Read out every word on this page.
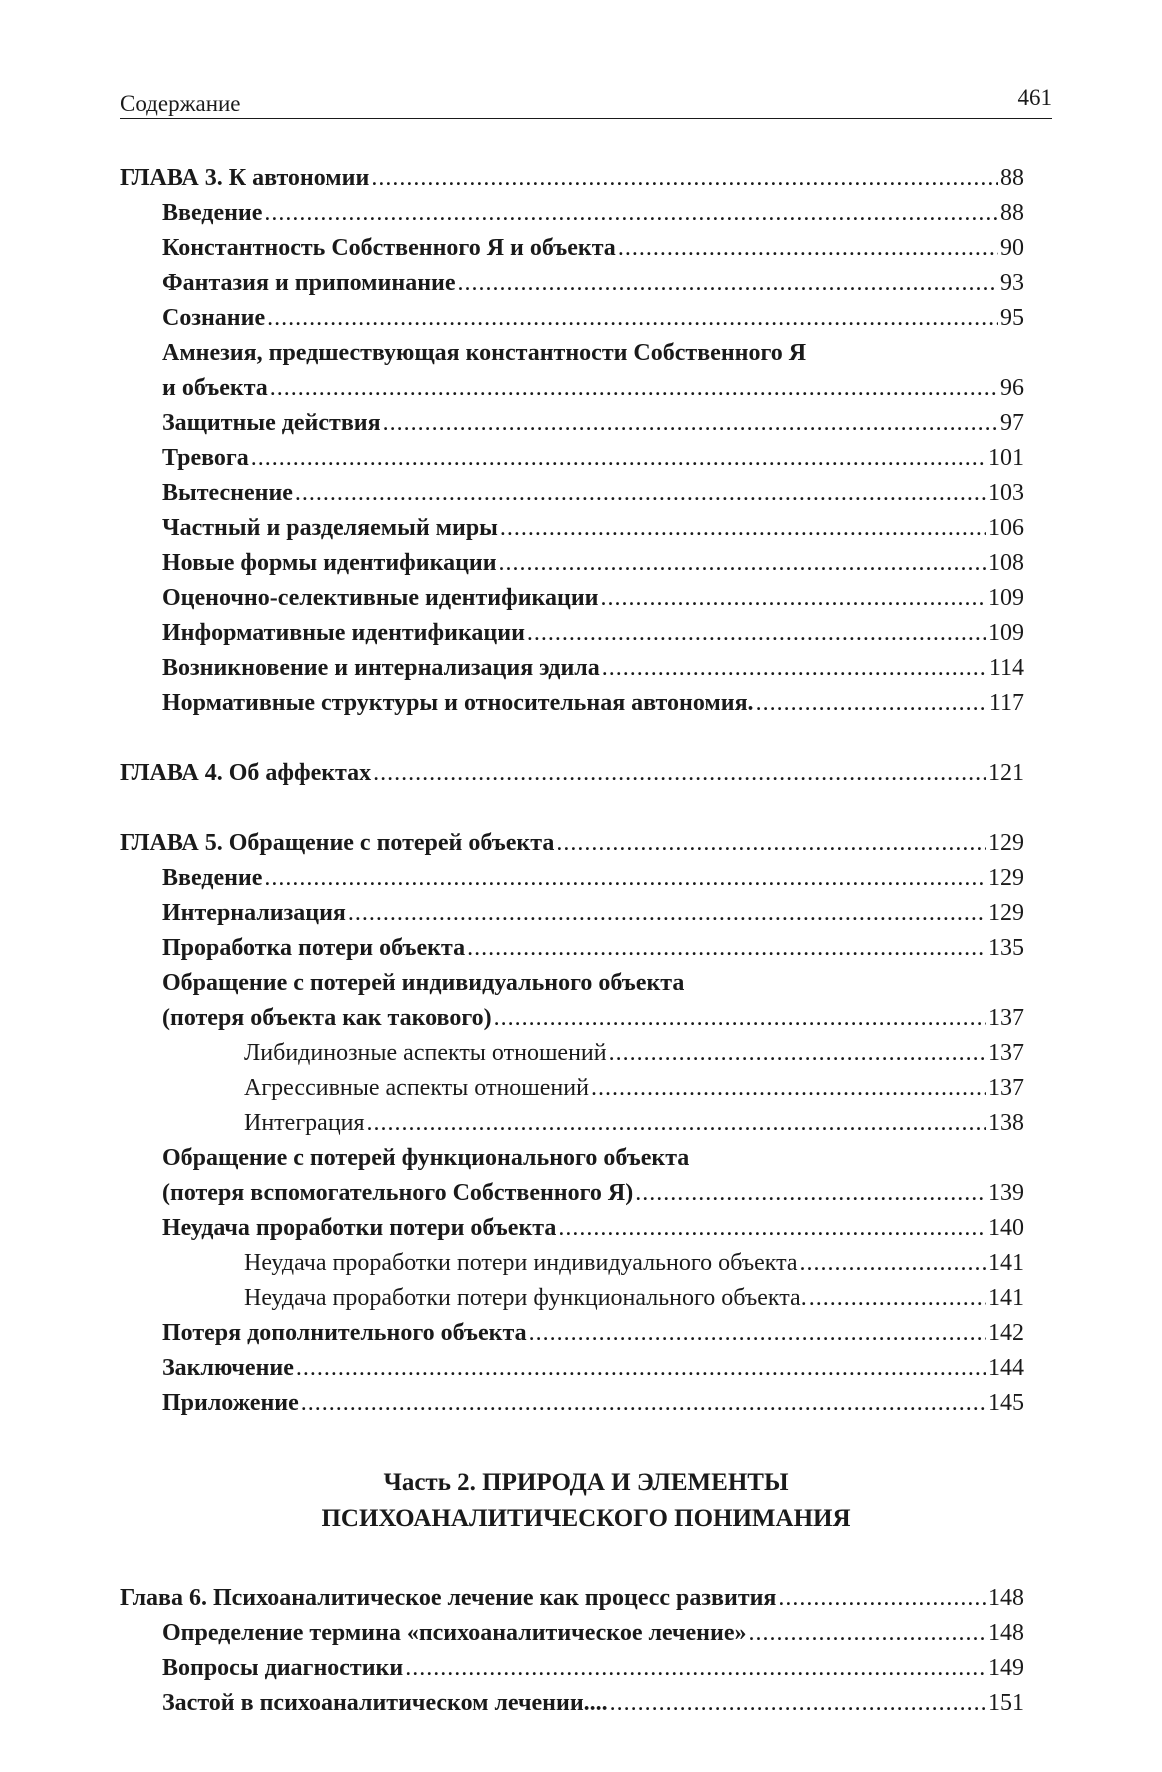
Содержание	461
ГЛАВА 3. К автономии .....	88
Введение .....	88
Константность Собственного Я и объекта .....	90
Фантазия и припоминание .....	93
Сознание .....	95
Амнезия, предшествующая константности Собственного Я
и объекта .....	96
Защитные действия .....	97
Тревога .....	101
Вытеснение .....	103
Частный и разделяемый миры .....	106
Новые формы идентификации .....	108
Оценочно-селективные идентификации .....	109
Информативные идентификации .....	109
Возникновение и интернализация эдила .....	114
Нормативные структуры и относительная автономия. .....	117
ГЛАВА 4. Об аффектах .....	121
ГЛАВА 5. Обращение с потерей объекта .....	129
Введение .....	129
Интернализация .....	129
Проработка потери объекта .....	135
Обращение с потерей индивидуального объекта
(потеря объекта как такового) .....	137
Либидинозные аспекты отношений .....	137
Агрессивные аспекты отношений .....	137
Интеграция .....	138
Обращение с потерей функционального объекта
(потеря вспомогательного Собственного Я) .....	139
Неудача проработки потери объекта .....	140
Неудача проработки потери индивидуального объекта .....	141
Неудача проработки потери функционального объекта. .....	141
Потеря дополнительного объекта .....	142
Заключение .....	144
Приложение .....	145
Часть 2. ПРИРОДА И ЭЛЕМЕНТЫ
ПСИХОАНАЛИТИЧЕСКОГО ПОНИМАНИЯ
Глава 6. Психоаналитическое лечение как процесс развития .....	148
Определение термина «психоаналитическое лечение» .....	148
Вопросы диагностики .....	149
Застой в психоаналитическом лечении.... .....	151
